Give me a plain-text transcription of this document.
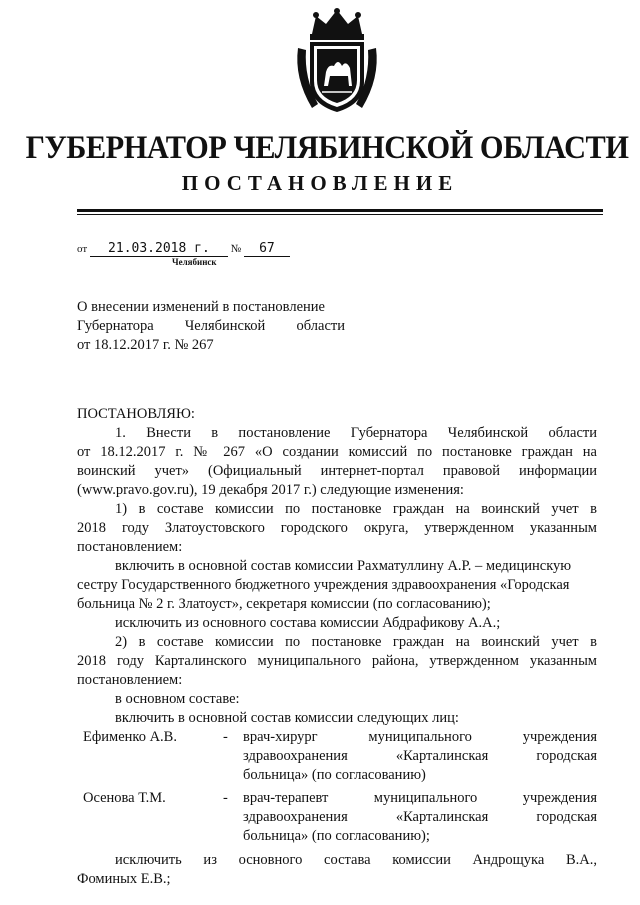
ГУБЕРНАТОР ЧЕЛЯБИНСКОЙ ОБЛАСТИ
ПОСТАНОВЛЕНИЕ
от 21.03.2018 г. № 67
Челябинск
О внесении изменений в постановление
Губернатора Челябинской области
от 18.12.2017 г. № 267

ПОСТАНОВЛЯЮ:

1. Внести в постановление Губернатора Челябинской области

от 18.12.2017 г. № 267 «О создании комиссий по постановке граждан на

воинский учет» (Официальный интернет-портал правовой информации

(www.pravo.gov.ru), 19 декабря 2017 г.) следующие изменения:

1) в составе комиссии по постановке граждан на воинский учет в

2018 году Златоустовского городского округа, утвержденном указанным

постановлением:

включить в основной состав комиссии Рахматуллину А.Р. – медицинскую

сестру Государственного бюджетного учреждения здравоохранения «Городская

больница № 2 г. Златоуст», секретаря комиссии (по согласованию);

исключить из основного состава комиссии Абдрафикову А.А.;

2) в составе комиссии по постановке граждан на воинский учет в

2018 году Карталинского муниципального района, утвержденном указанным

постановлением:

в основном составе:

включить в основной состав комиссии следующих лиц:

Ефименко А.В.	-	врач-хирург муниципального учреждения
здравоохранения «Карталинская городская
больница» (по согласованию)
Осенова Т.М.	-	врач-терапевт муниципального учреждения
здравоохранения «Карталинская городская
больница» (по согласованию);

исключить из основного состава комиссии Андрощука В.А.,

Фоминых Е.В.;
